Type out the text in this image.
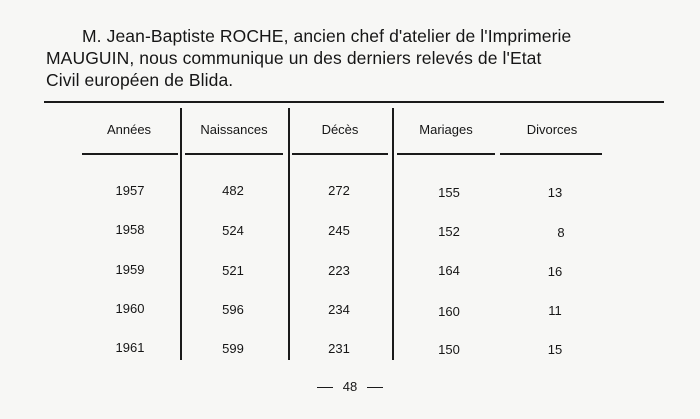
M. Jean-Baptiste ROCHE, ancien chef d'atelier de l'Imprimerie
MAUGUIN, nous communique un des derniers relevés de l'Etat
Civil européen de Blida.
Années	Naissances	Décès	Mariages	Divorces
1957	482	272	155	13
1958	524	245	152	8
1959	521	223	164	16
1960	596	234	160	11
1961	599	231	150	15
48
